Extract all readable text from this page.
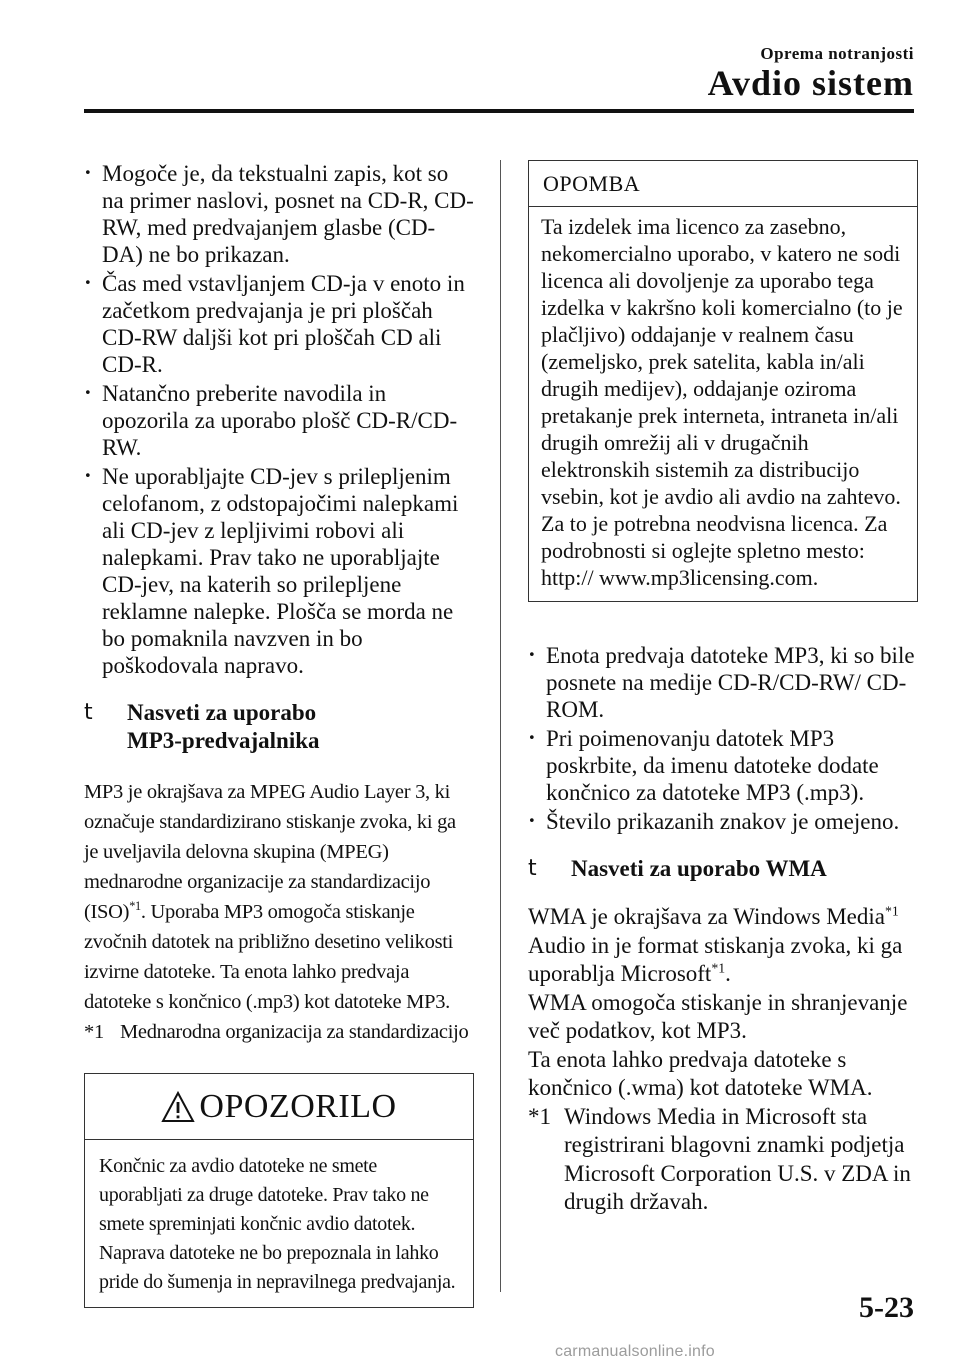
Oprema notranjosti
Avdio sistem
· Mogoče je, da tekstualni zapis, kot so na primer naslovi, posnet na CD-R, CD-RW, med predvajanjem glasbe (CD-DA) ne bo prikazan.
· Čas med vstavljanjem CD-ja v enoto in začetkom predvajanja je pri ploščah CD-RW daljši kot pri ploščah CD ali CD-R.
· Natančno preberite navodila in opozorila za uporabo plošč CD-R/CD-RW.
· Ne uporabljajte CD-jev s prilepljenim celofanom, z odstopajočimi nalepkami ali CD-jev z lepljivimi robovi ali nalepkami. Prav tako ne uporabljajte CD-jev, na katerih so prilepljene reklamne nalepke. Plošča se morda ne bo pomaknila navzven in bo poškodovala napravo.
t Nasveti za uporabo
MP3-predvajalnika
MP3 je okrajšava za MPEG Audio Layer 3, ki označuje standardizirano stiskanje zvoka, ki ga je uveljavila delovna skupina (MPEG) mednarodne organizacije za standardizacijo (ISO)$^{*1}$. Uporaba MP3 omogoča stiskanje zvočnih datotek na približno desetino velikosti izvirne datoteke. Ta enota lahko predvaja datoteke s končnico (.mp3) kot datoteke MP3.
*1 Mednarodna organizacija za standardizacijo
OPOZORILO
Končnic za avdio datoteke ne smete uporabljati za druge datoteke. Prav tako ne smete spreminjati končnic avdio datotek. Naprava datoteke ne bo prepoznala in lahko pride do šumenja in nepravilnega predvajanja.
OPOMBA
Ta izdelek ima licenco za zasebno, nekomercialno uporabo, v katero ne sodi licenca ali dovoljenje za uporabo tega izdelka v kakršno koli komercialno (to je plačljivo) oddajanje v realnem času (zemeljsko, prek satelita, kabla in/ali drugih medijev), oddajanje oziroma pretakanje prek interneta, intraneta in/ali drugih omrežij ali v drugačnih elektronskih sistemih za distribucijo vsebin, kot je avdio ali avdio na zahtevo. Za to je potrebna neodvisna licenca. Za podrobnosti si oglejte spletno mesto: http:// www.mp3licensing.com.
· Enota predvaja datoteke MP3, ki so bile posnete na medije CD-R/CD-RW/ CD-ROM.
· Pri poimenovanju datotek MP3 poskrbite, da imenu datoteke dodate končnico za datoteke MP3 (.mp3).
· Število prikazanih znakov je omejeno.
t Nasveti za uporabo WMA
WMA je okrajšava za Windows Media$^{*1}$ Audio in je format stiskanja zvoka, ki ga uporablja Microsoft$^{*1}$.
WMA omogoča stiskanje in shranjevanje več podatkov, kot MP3.
Ta enota lahko predvaja datoteke s končnico (.wma) kot datoteke WMA.
*1 Windows Media in Microsoft sta registrirani blagovni znamki podjetja Microsoft Corporation U.S. v ZDA in drugih državah.
5-23
carmanualsonline.info
